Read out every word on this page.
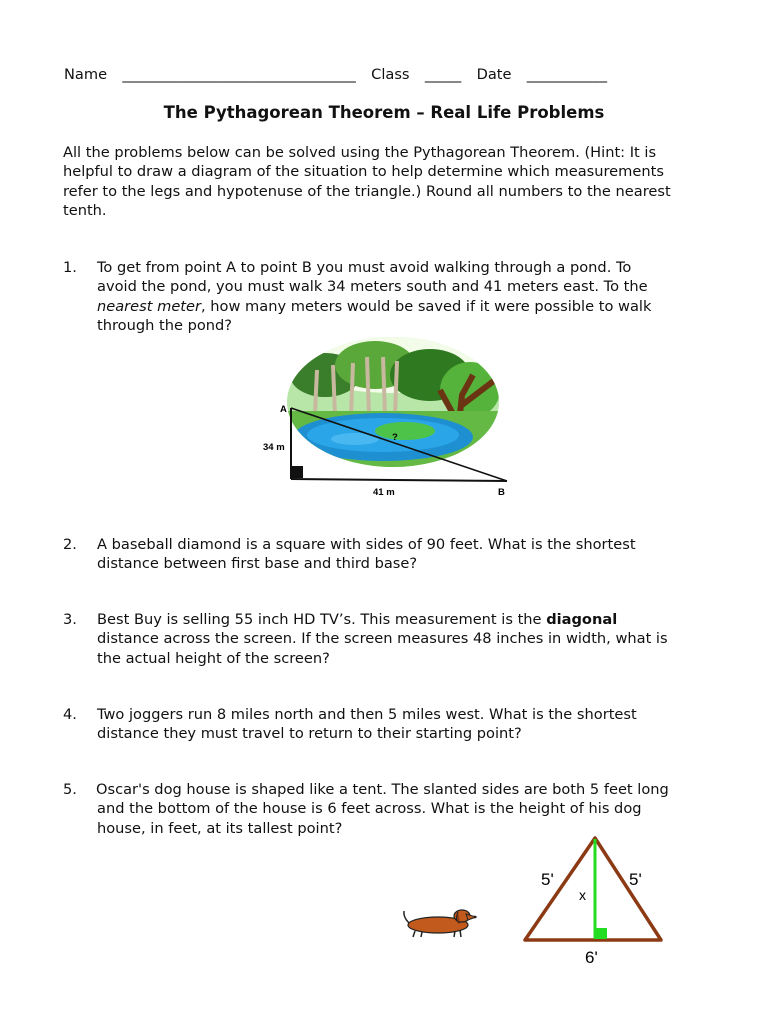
Name ________________________________ Class _____ Date ___________
The Pythagorean Theorem – Real Life Problems
All the problems below can be solved using the Pythagorean Theorem. (Hint: It is
helpful to draw a diagram of the situation to help determine which measurements
refer to the legs and hypotenuse of the triangle.) Round all numbers to the nearest
tenth.
1. To get from point A to point B you must avoid walking through a pond. To
avoid the pond, you must walk 34 meters south and 41 meters east. To the
nearest meter, how many meters would be saved if it were possible to walk
through the pond?
A
34 m
?
41 m	B
2. A baseball diamond is a square with sides of 90 feet. What is the shortest
distance between first base and third base?
3. Best Buy is selling 55 inch HD TV’s. This measurement is the diagonal
distance across the screen. If the screen measures 48 inches in width, what is
the actual height of the screen?
4. Two joggers run 8 miles north and then 5 miles west. What is the shortest
distance they must travel to return to their starting point?
5. Oscar's dog house is shaped like a tent. The slanted sides are both 5 feet long
and the bottom of the house is 6 feet across. What is the height of his dog
house, in feet, at its tallest point?
5'	5'
x
6'
